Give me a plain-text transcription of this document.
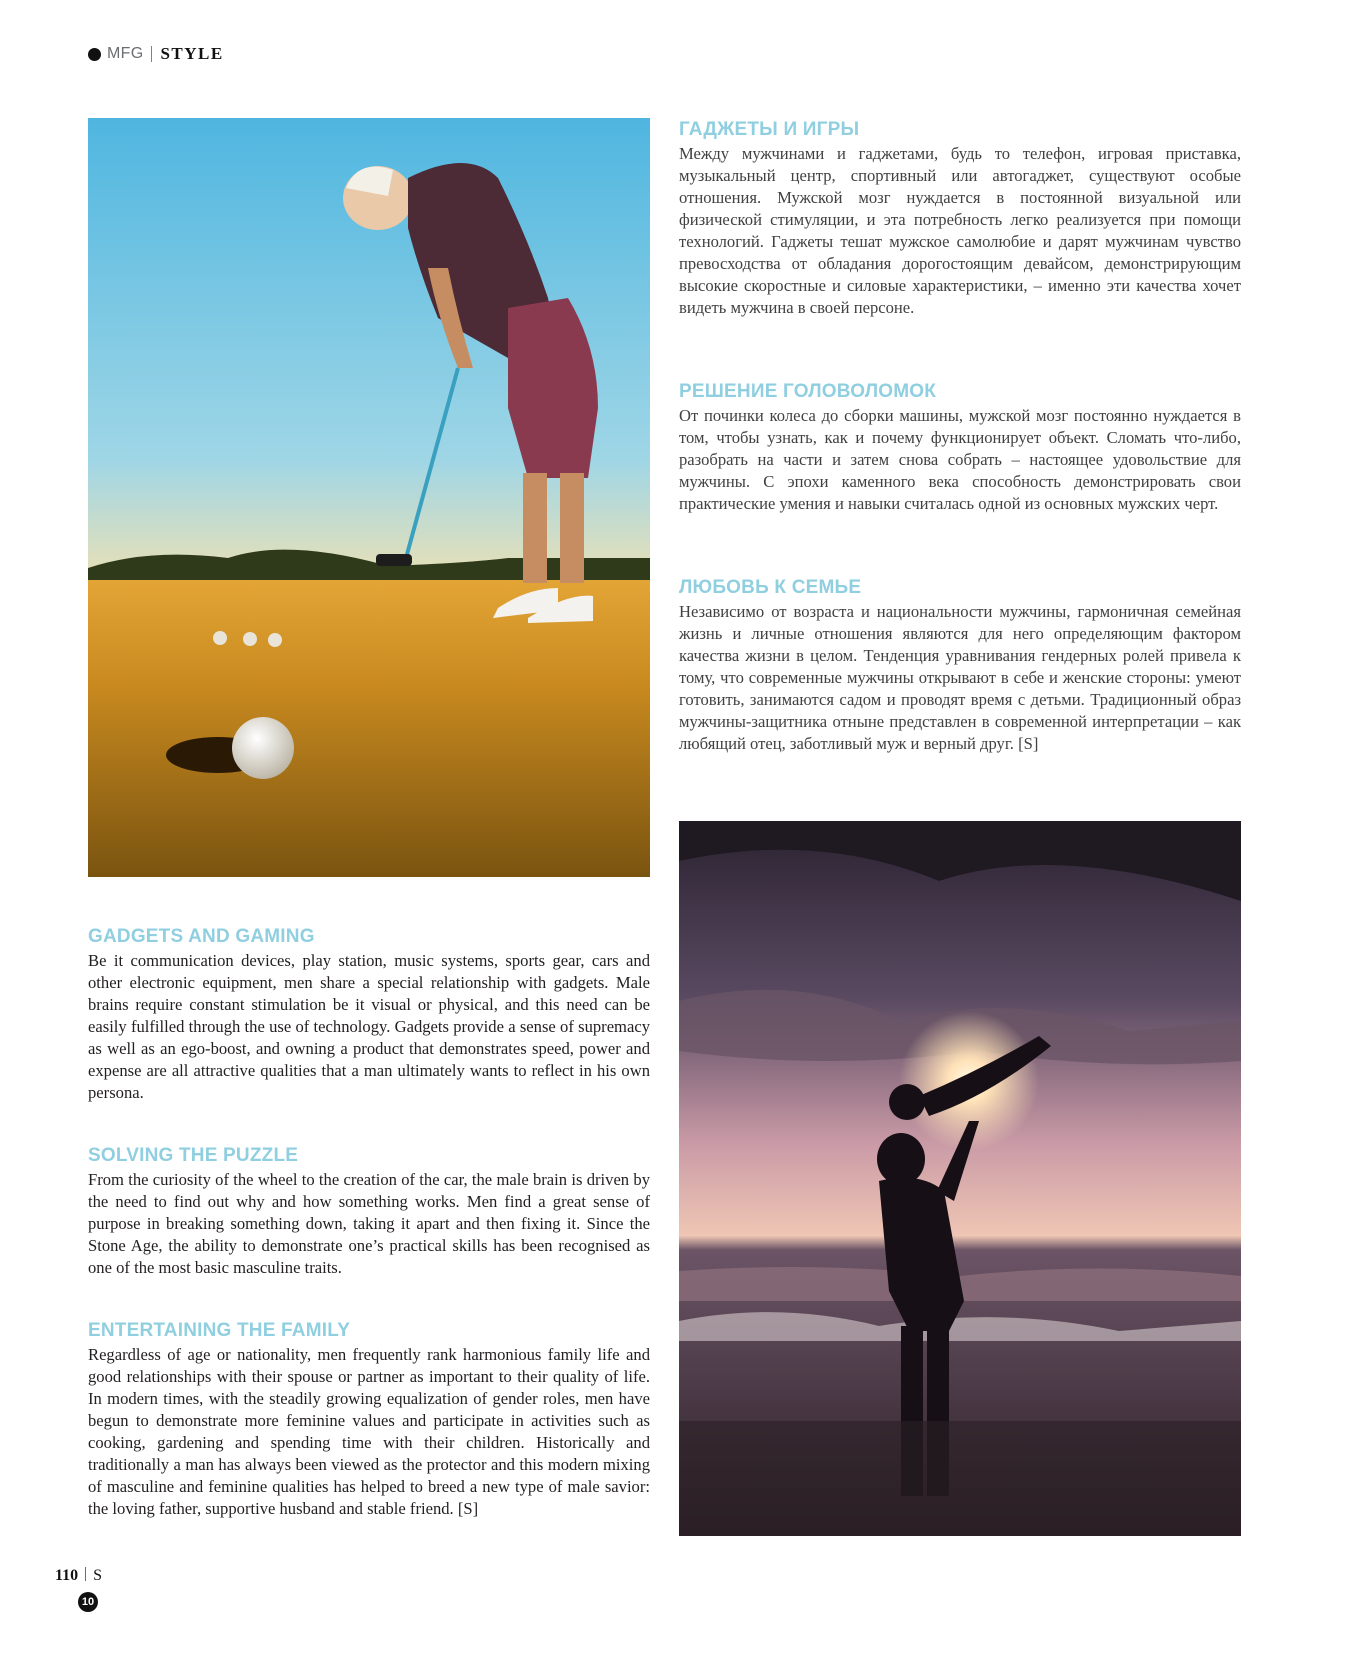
MFG STYLE
ГАДЖЕТЫ И ИГРЫ

Между мужчинами и гаджетами, будь то телефон, игровая приставка, музыкальный центр, спортивный или автогаджет, существуют особые отношения. Мужской мозг нуждается в постоянной визуальной или физической стимуляции, и эта потребность легко реализуется при помощи технологий. Гаджеты тешат мужское самолюбие и дарят мужчинам чувство превосходства от обладания дорогостоящим девайсом, демонстрирующим высокие скоростные и силовые характеристики, – именно эти качества хочет видеть мужчина в своей персоне.

РЕШЕНИЕ ГОЛОВОЛОМОК

От починки колеса до сборки машины, мужской мозг постоянно нуждается в том, чтобы узнать, как и почему функционирует объект. Сломать что-либо, разобрать на части и затем снова собрать – настоящее удовольствие для мужчины. С эпохи каменного века способность демонстрировать свои практические умения и навыки считалась одной из основных мужских черт.

ЛЮБОВЬ К СЕМЬЕ

Независимо от возраста и национальности мужчины, гармоничная семейная жизнь и личные отношения являются для него определяющим фактором качества жизни в целом. Тенденция уравнивания гендерных ролей привела к тому, что современные мужчины открывают в себе и женские стороны: умеют готовить, занимаются садом и проводят время с детьми. Традиционный образ мужчины-защитника отныне представлен в современной интерпретации – как любящий отец, заботливый муж и верный друг. [S]

GADGETS AND GAMING

Be it communication devices, play station, music systems, sports gear, cars and other electronic equipment, men share a special relationship with gadgets. Male brains require constant stimulation be it visual or physical, and this need can be easily fulfilled through the use of technology. Gadgets provide a sense of supremacy as well as an ego-boost, and owning a product that demonstrates speed, power and expense are all attractive qualities that a man ultimately wants to reflect in his own persona.

SOLVING THE PUZZLE

From the curiosity of the wheel to the creation of the car, the male brain is driven by the need to find out why and how something works. Men find a great sense of purpose in breaking something down, taking it apart and then fixing it. Since the Stone Age, the ability to demonstrate one’s practical skills has been recognised as one of the most basic masculine traits.

ENTERTAINING THE FAMILY

Regardless of age or nationality, men frequently rank harmonious family life and good relationships with their spouse or partner as important to their quality of life. In modern times, with the steadily growing equalization of gender roles, men have begun to demonstrate more feminine values and participate in activities such as cooking, gardening and spending time with their children. Historically and traditionally a man has always been viewed as the protector and this modern mixing of masculine and feminine qualities has helped to breed a new type of male savior: the loving father, supportive husband and stable friend. [S]

110 S
10
